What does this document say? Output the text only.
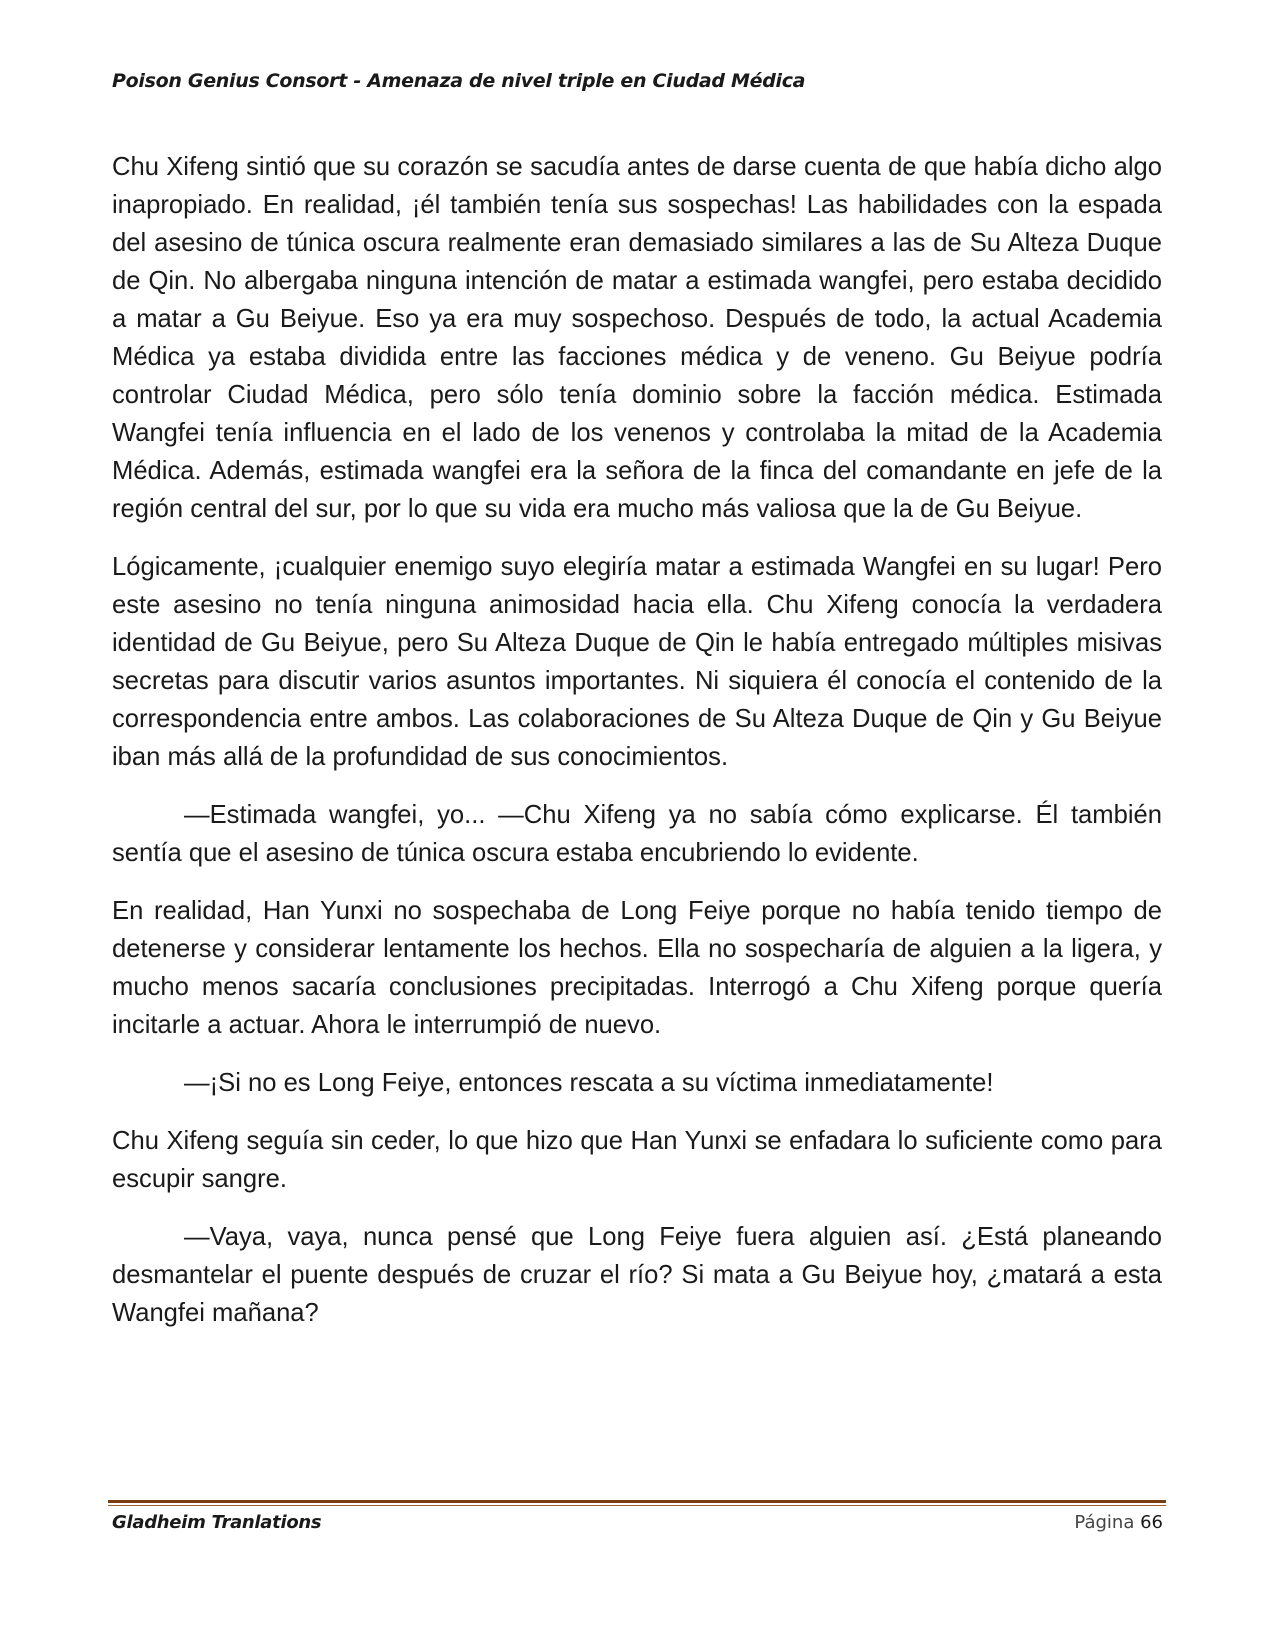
Poison Genius Consort - Amenaza de nivel triple en Ciudad Médica

Chu Xifeng sintió que su corazón se sacudía antes de darse cuenta de que había dicho algo inapropiado. En realidad, ¡él también tenía sus sospechas! Las habilidades con la espada del asesino de túnica oscura realmente eran demasiado similares a las de Su Alteza Duque de Qin. No albergaba ninguna intención de matar a estimada wangfei, pero estaba decidido a matar a Gu Beiyue. Eso ya era muy sospechoso. Después de todo, la actual Academia Médica ya estaba dividida entre las facciones médica y de veneno. Gu Beiyue podría controlar Ciudad Médica, pero sólo tenía dominio sobre la facción médica. Estimada Wangfei tenía influencia en el lado de los venenos y controlaba la mitad de la Academia Médica. Además, estimada wangfei era la señora de la finca del comandante en jefe de la región central del sur, por lo que su vida era mucho más valiosa que la de Gu Beiyue.

Lógicamente, ¡cualquier enemigo suyo elegiría matar a estimada Wangfei en su lugar! Pero este asesino no tenía ninguna animosidad hacia ella. Chu Xifeng conocía la verdadera identidad de Gu Beiyue, pero Su Alteza Duque de Qin le había entregado múltiples misivas secretas para discutir varios asuntos importantes. Ni siquiera él conocía el contenido de la correspondencia entre ambos. Las colaboraciones de Su Alteza Duque de Qin y Gu Beiyue iban más allá de la profundidad de sus conocimientos.

—Estimada wangfei, yo... —Chu Xifeng ya no sabía cómo explicarse. Él también sentía que el asesino de túnica oscura estaba encubriendo lo evidente.

En realidad, Han Yunxi no sospechaba de Long Feiye porque no había tenido tiempo de detenerse y considerar lentamente los hechos. Ella no sospecharía de alguien a la ligera, y mucho menos sacaría conclusiones precipitadas. Interrogó a Chu Xifeng porque quería incitarle a actuar. Ahora le interrumpió de nuevo.

—¡Si no es Long Feiye, entonces rescata a su víctima inmediatamente!

Chu Xifeng seguía sin ceder, lo que hizo que Han Yunxi se enfadara lo suficiente como para escupir sangre.

—Vaya, vaya, nunca pensé que Long Feiye fuera alguien así. ¿Está planeando desmantelar el puente después de cruzar el río? Si mata a Gu Beiyue hoy, ¿matará a esta Wangfei mañana?

Gladheim Tranlations	Página 66
